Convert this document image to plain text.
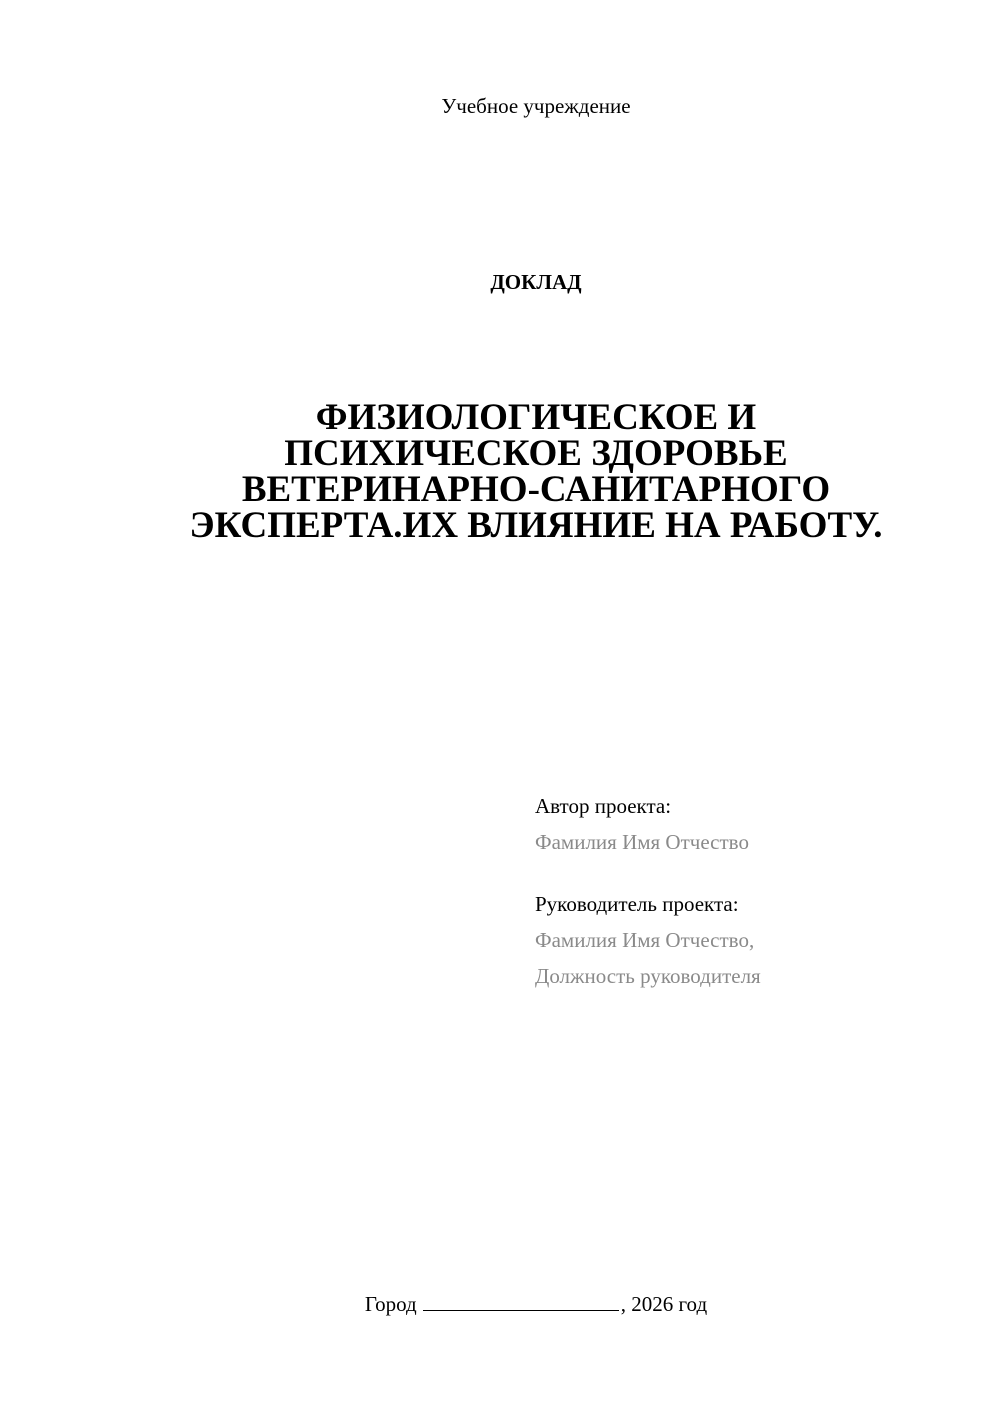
Учебное учреждение
ДОКЛАД
ФИЗИОЛОГИЧЕСКОЕ И
ПСИХИЧЕСКОЕ ЗДОРОВЬЕ
ВЕТЕРИНАРНО-САНИТАРНОГО
ЭКСПЕРТА.ИХ ВЛИЯНИЕ НА РАБОТУ.
Автор проекта:
Фамилия Имя Отчество
Руководитель проекта:
Фамилия Имя Отчество,
Должность руководителя
Город	, 2026 год
